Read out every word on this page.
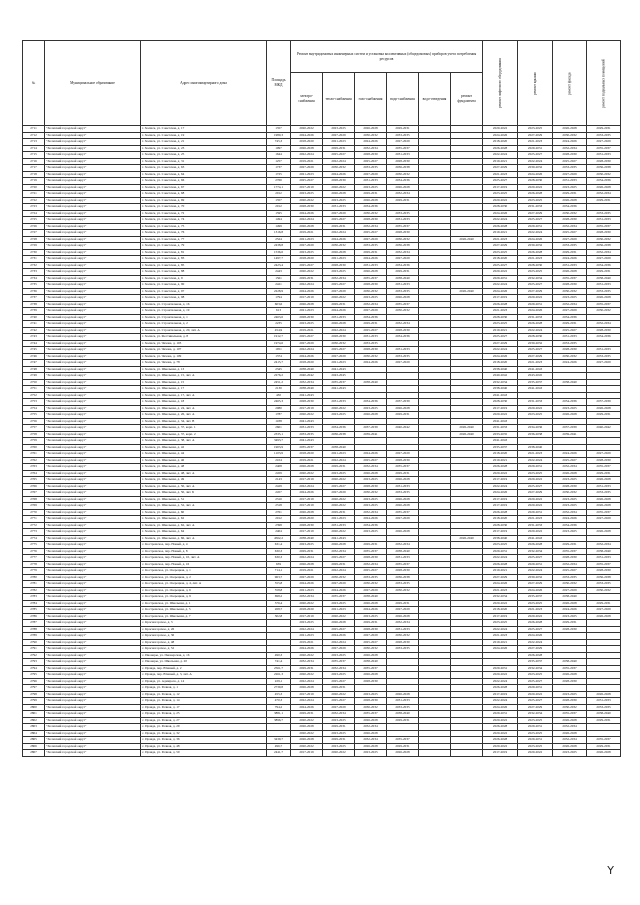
№	Муниципальное образование	Адрес многоквартирного дома	Площадь МКД	Ремонт внутридомовых инженерных систем и установка коллективных (общедомовых) приборов учета потребления ресурсов						ремонт лифтового оборудования	ремонт крыши	ремонт фасада	ремонт подвальных помещений
				электро-снабжения	тепло-снабжения	газо-снабжения	водо-снабжения	водо-отведения	ремонт фундамента				
2711	"Холмский городской округ"	г. Холмск, ул. Советская, д. 17	1357	2020-2022	2023-2025	2026-2028	2029-2031			2020-2022	2023-2025	2026-2028	2029-2031
2712	"Холмский городской округ"	г. Холмск, ул. Советская, д. 19	1980,3	2024-2026	2027-2029	2030-2032	2033-2035			2024-2026	2027-2029	2030-2032	2033-2035
2713	"Холмский городской округ"	г. Холмск, ул. Советская, д. 21	745,3	2018-2020	2021-2023	2024-2026	2027-2029			2018-2020	2021-2023	2024-2026	2027-2029
2714	"Холмский городской округ"	г. Холмск, ул. Советская, д. 23	1097	2026-2028	2029-2031	2032-2034	2035-2037			2026-2028	2029-2031	2032-2034	2035-2037
2715	"Холмский городской округ"	г. Холмск, ул. Советская, д. 25	1644	2022-2024	2025-2027	2028-2030	2031-2033			2022-2024	2025-2027	2028-2030	2031-2033
2716	"Холмский городской округ"	г. Холмск, ул. Советская, д. 31	1257	2019-2021	2022-2024	2025-2027	2028-2030			2019-2021	2022-2024	2025-2027	2028-2030
2717	"Холмский городской округ"	г. Холмск, ул. Советская, д. 63	1737	2027-2029	2030-2032	2033-2035	2036-2038			2027-2029	2030-2032	2033-2035	2036-2038
2718	"Холмский городской округ"	г. Холмск, ул. Советская, д. 64	1725	2021-2023	2024-2026	2027-2029	2030-2032			2021-2023	2024-2026	2027-2029	2030-2032
2719	"Холмский городской округ"	г. Холмск, ул. Советская, д. 66	2766	2025-2027	2028-2030	2031-2033	2034-2036			2025-2027	2028-2030	2031-2033	2034-2036
2720	"Холмский городской округ"	г. Холмск, ул. Советская, д. 67	1774,1	2017-2019	2020-2022	2023-2025	2026-2028			2017-2019	2020-2022	2023-2025	2026-2028
2721	"Холмский городской округ"	г. Холмск, ул. Советская, д. 68	2012	2023-2025	2026-2028	2029-2031	2032-2034			2023-2025	2026-2028	2029-2031	2032-2034
2722	"Холмский городской округ"	г. Холмск, ул. Советская, д. 69	1357	2020-2022	2023-2025	2026-2028	2029-2031			2020-2022	2023-2025	2026-2028	2029-2031
2723	"Холмский городской округ"	г. Холмск, ул. Советская, д. 70	2012	2028-2030	2031-2033	2034-2036				2028-2030	2031-2033	2034-2036	
2724	"Холмский городской округ"	г. Холмск, ул. Советская, д. 72	1595	2024-2026	2027-2029	2030-2032	2033-2035			2024-2026	2027-2029	2030-2032	2033-2035
2725	"Холмский городской округ"	г. Холмск, ул. Советская, д. 74	1494	2022-2024	2025-2027	2028-2030	2031-2033			2022-2024	2025-2027	2028-2030	2031-2033
2726	"Холмский городской округ"	г. Холмск, ул. Советская, д. 75	1499	2026-2028	2029-2031	2032-2034	2035-2037			2026-2028	2029-2031	2032-2034	2035-2037
2727	"Холмский городской округ"	г. Холмск, ул. Советская, д. 76	1316,8	2019-2021	2022-2024	2025-2027	2028-2030			2019-2021	2022-2024	2025-2027	2028-2030
2728	"Холмский городской округ"	г. Холмск, ул. Советская, д. 77	2524	2021-2023	2024-2026	2027-2029	2030-2032		2026-2040	2021-2023	2024-2026	2027-2029	2030-2032
2729	"Холмский городской округ"	г. Холмск, ул. Советская, д. 79	2438,8	2027-2029	2030-2032	2033-2035	2036-2038			2027-2029	2030-2032	2033-2035	2036-2038
2730	"Холмский городской округ"	г. Холмск, ул. Советская, д. 81	1536,6	2023-2025	2026-2028	2029-2031	2032-2034			2023-2025	2026-2028	2029-2031	2032-2034
2731	"Холмский городской округ"	г. Холмск, ул. Советская, д. 83	1497,7	2018-2020	2021-2023	2024-2026	2027-2029			2018-2020	2021-2023	2024-2026	2027-2029
2732	"Холмский городской округ"	г. Холмск, ул. Советская, д. 85	2423,4	2025-2027	2028-2030	2031-2033	2034-2036			2025-2027	2028-2030	2031-2033	2034-2036
2733	"Холмский городской округ"	г. Холмск, ул. Советская, д. 88	2443	2020-2022	2023-2025	2026-2028	2029-2031			2020-2022	2023-2025	2026-2028	2029-2031
2734	"Холмский городской округ"	г. Холмск, ул. Советская, д. 9	1561	2029-2031	2032-2034	2035-2037	2038-2040			2029-2031	2032-2034	2035-2037	2038-2040
2735	"Холмский городской округ"	г. Холмск, ул. Советская, д. 90	2421	2022-2024	2025-2027	2028-2030	2031-2033			2022-2024	2025-2027	2028-2030	2031-2033
2736	"Холмский городской округ"	г. Холмск, ул. Советская, д. 97	2228,9	2024-2026	2027-2029	2030-2032	2033-2035		2026-2040	2024-2026	2027-2029	2030-2032	2033-2035
2737	"Холмский городской округ"	г. Холмск, ул. Советская, д. 98	1794	2017-2019	2020-2022	2023-2025	2026-2028			2017-2019	2020-2022	2023-2025	2026-2028
2738	"Холмский городской округ"	г. Холмск, ул. Строительная, д. 16	603,6	2026-2028	2029-2031	2032-2034	2035-2037			2026-2028	2029-2031	2032-2034	2035-2037
2739	"Холмский городской округ"	г. Холмск, ул. Строительная, д. 19	613	2021-2023	2024-2026	2027-2029	2030-2032			2021-2023	2024-2026	2027-2029	2030-2032
2740	"Холмский городской округ"	г. Холмск, ул. Строительная, д. 1	2463,6	2028-2030	2031-2033	2034-2036				2028-2030	2031-2033	2034-2036	
2741	"Холмский городской округ"	г. Холмск, ул. Строительная, д. 2	2235	2023-2025	2026-2028	2029-2031	2032-2034			2023-2025	2026-2028	2029-2031	2032-2034
2742	"Холмский городской округ"	г. Холмск, ул. Строительная, д. 20, лит. А	454,9	2019-2021	2022-2024	2025-2027	2028-2030			2019-2021	2022-2024	2025-2027	2028-2030
2743	"Холмский городской округ"	г. Холмск, ул. Фестивальная, д. 8	1912,7	2025-2027	2028-2030	2031-2033	2034-2036			2025-2027	2028-2030	2031-2033	2034-2036
2744	"Холмский городской округ"	г. Холмск, ул. Чехова, д. 103	1974,6	2027-2029	2030-2032	2033-2035				2027-2029	2030-2032	2033-2035	
2745	"Холмский городской округ"	г. Холмск, ул. Чехова, д. 107	1951	2022-2024	2025-2027	2028-2030	2031-2033			2022-2024	2025-2027	2028-2030	2031-2033
2746	"Холмский городской округ"	г. Холмск, ул. Чехова, д. 109	1374	2024-2026	2027-2029	2030-2032	2033-2035			2024-2026	2027-2029	2030-2032	2033-2035
2747	"Холмский городской округ"	г. Холмск, ул. Чехова, д. 78	2415,7	2018-2020	2021-2023	2024-2026	2027-2029			2018-2020	2021-2023	2024-2026	2027-2029
2748	"Холмский городской округ"	г. Холмск, ул. Школьная, д. 13	2345	2038-2040	2041-2043					2038-2040	2041-2043		
2749	"Холмский городской округ"	г. Холмск, ул. Школьная, д. 15, лит. А	2276,2	2040-2042	2043-2045					2040-2042	2043-2045		
2750	"Холмский городской округ"	г. Холмск, ул. Школьная, д. 15	2451,2	2032-2034	2035-2037	2038-2040				2032-2034	2035-2037	2038-2040	
2751	"Холмский городской округ"	г. Холмск, ул. Школьная, д. 17	2130	2038-2040	2041-2043					2038-2040	2041-2043		
2752	"Холмский городской округ"	г. Холмск, ул. Школьная, д. 17, лит. А	430	2041-2043						2041-2043			
2753	"Холмский городской округ"	г. Холмск, ул. Школьная, д. 18	2465,3	2028-2030	2031-2033	2034-2036	2037-2039			2028-2030	2031-2033	2034-2036	2037-2039
2754	"Холмский городской округ"	г. Холмск, ул. Школьная, д. 24, лит. А	2080	2017-2019	2020-2022	2023-2025	2026-2028			2017-2019	2020-2022	2023-2025	2026-2028
2755	"Холмский городской округ"	г. Холмск, ул. Школьная, д. 26, лит. А	1787	2020-2022	2023-2025	2026-2028	2029-2031			2020-2022	2023-2025	2026-2028	2029-2031
2756	"Холмский городской округ"	г. Холмск, ул. Школьная, д. 34, лит. В	1188	2041-2043						2041-2043			
2757	"Холмский городской округ"	г. Холмск, ул. Школьная, д. 37, корп. 1	2601	2031-2033	2034-2036	2037-2039	2040-2042		2026-2040	2031-2033	2034-2036	2037-2039	2040-2042
2758	"Холмский городской округ"	г. Холмск, ул. Школьная, д. 37, корп. 2	2335,1	2033-2035	2036-2038	2039-2041			2026-2040	2033-2035	2036-2038	2039-2041	
2759	"Холмский городской округ"	г. Холмск, ул. Школьная, д. 38, лит. А	3493,7	2041-2043						2041-2043			
2760	"Холмский городской округ"	г. Холмск, ул. Школьная, д. 42	1903,9	2035-2037	2038-2040					2035-2037	2038-2040		
2761	"Холмский городской округ"	г. Холмск, ул. Школьная, д. 44	1103,9	2018-2020	2021-2023	2024-2026	2027-2029			2018-2020	2021-2023	2024-2026	2027-2029
2762	"Холмский городской округ"	г. Холмск, ул. Школьная, д. 46	2104	2019-2021	2022-2024	2025-2027	2028-2030			2019-2021	2022-2024	2025-2027	2028-2030
2763	"Холмский городской округ"	г. Холмск, ул. Школьная, д. 48	2408	2026-2028	2029-2031	2032-2034	2035-2037			2026-2028	2029-2031	2032-2034	2035-2037
2764	"Холмский городской округ"	г. Холмск, ул. Школьная, д. 48, лит. А	2459	2020-2022	2023-2025	2026-2028	2029-2031			2020-2022	2023-2025	2026-2028	2029-2031
2765	"Холмский городской округ"	г. Холмск, ул. Школьная, д. 49	2143	2017-2019	2020-2022	2023-2025	2026-2028			2017-2019	2020-2022	2023-2025	2026-2028
2766	"Холмский городской округ"	г. Холмск, ул. Школьная, д. 50, лит. А	2429	2022-2024	2025-2027	2028-2030	2031-2033			2022-2024	2025-2027	2028-2030	2031-2033
2767	"Холмский городской округ"	г. Холмск, ул. Школьная, д. 50, лит. Б	2457	2024-2026	2027-2029	2030-2032	2033-2035			2024-2026	2027-2029	2030-2032	2033-2035
2768	"Холмский городской округ"	г. Холмск, ул. Школьная, д. 51	2310	2017-2019	2020-2022	2023-2025	2026-2028			2017-2019	2020-2022	2023-2025	2026-2028
2769	"Холмский городской округ"	г. Холмск, ул. Школьная, д. 52, лит. А	2318	2017-2019	2020-2022	2023-2025	2026-2028			2017-2019	2020-2022	2023-2025	2026-2028
2770	"Холмский городской округ"	г. Холмск, ул. Школьная, д. 60	2761	2026-2028	2029-2031	2032-2034	2035-2037			2026-2028	2029-2031	2032-2034	2035-2037
2771	"Холмский городской округ"	г. Холмск, ул. Школьная, д. 62	2012	2018-2020	2021-2023	2024-2026	2027-2029			2018-2020	2021-2023	2024-2026	2027-2029
2772	"Холмский городской округ"	г. Холмск, ул. Школьная, д. 62, лит. А	2398	2028-2030	2031-2033	2034-2036				2028-2030	2031-2033	2034-2036	
2773	"Холмский городской округ"	г. Холмск, ул. Школьная, д. 64	2404	2017-2019	2020-2022	2023-2025	2026-2028			2017-2019	2020-2022	2023-2025	2026-2028
2774	"Холмский городской округ"	г. Холмск, ул. Школьная, д. 66, лит. А	4562,2	2038-2040	2041-2043				2026-2040	2038-2040	2041-2043		
2775	"Холмский городской округ"	с. Костромское, пер. Новый, д. 4	631,4	2023-2025	2026-2028	2029-2031	2032-2034			2023-2025	2026-2028	2029-2031	2032-2034
2776	"Холмский городской округ"	с. Костромское, пер. Новый, д. 8	630,3	2029-2031	2032-2034	2035-2037	2038-2040			2029-2031	2032-2034	2035-2037	2038-2040
2777	"Холмский городской округ"	с. Костромское, пер. Новый, д. 10, лит. А	630,3	2022-2024	2025-2027	2028-2030	2031-2033			2022-2024	2025-2027	2028-2030	2031-2033
2778	"Холмский городской округ"	с. Костромское, пер. Новый, д. 16	639	2026-2028	2029-2031	2032-2034	2035-2037			2026-2028	2029-2031	2032-2034	2035-2037
2779	"Холмский городской округ"	с. Костромское, ул. Озерецкая, д. 1	714,1	2019-2021	2022-2024	2025-2027	2028-2030			2019-2021	2022-2024	2025-2027	2028-2030
2780	"Холмский городской округ"	с. Костромское, ул. Озерецкая, д. 2	963,7	2027-2029	2030-2032	2033-2035	2036-2038			2027-2029	2030-2032	2033-2035	2036-2038
2781	"Холмский городской округ"	с. Костромское, ул. Озерецкая, д. 4, лит. А	555,8	2024-2026	2027-2029	2030-2032	2033-2035			2024-2026	2027-2029	2030-2032	2033-2035
2782	"Холмский городской округ"	с. Костромское, ул. Озерецкая, д. 6	558,8	2021-2023	2024-2026	2027-2029	2030-2032			2021-2023	2024-2026	2027-2029	2030-2032
2783	"Холмский городской округ"	с. Костромское, ул. Озерецкая, д. 9	698,2	2032-2034	2035-2037	2038-2040				2032-2034	2035-2037	2038-2040	
2784	"Холмский городской округ"	с. Костромское, ул. Школьная, д. 1	376,4	2020-2022	2023-2025	2026-2028	2029-2031			2020-2022	2023-2025	2026-2028	2029-2031
2785	"Холмский городской округ"	с. Костромское, ул. Школьная, д. 5	268,7	2018-2020	2021-2023	2024-2026	2027-2029			2018-2020	2021-2023	2024-2026	2027-2029
2786	"Холмский городской округ"	с. Костромское, ул. Школьная, д. 7	302,8	2017-2019	2020-2022	2023-2025	2026-2028			2017-2019	2020-2022	2023-2025	2026-2028
2787	"Холмский городской округ"	с. Красногорское, д. 3		2023-2025	2026-2028	2029-2031	2032-2034			2023-2025	2026-2028	2029-2031	
2788	"Холмский городской округ"	с. Красногорское, д. 26		2022-2024	2025-2027	2028-2030	2031-2033			2022-2024	2025-2027	2028-2030	
2789	"Холмский городской округ"	с. Красногорское, д. 36		2021-2023	2024-2026	2027-2029	2030-2032			2021-2023	2024-2026		
2790	"Холмский городской округ"	с. Красногорское, д. 48		2019-2021	2022-2024	2025-2027	2028-2030			2019-2021	2022-2024		
2791	"Холмский городской округ"	с. Красногорское, д. 52		2024-2026	2027-2029	2030-2032	2033-2035			2024-2026	2027-2029		
2792	"Холмский городской округ"	с. Пионеры, ул. Пионерская, д. 16	490,3	2020-2022	2023-2025	2026-2028					2026-2028		
2793	"Холмский городской округ"	с. Пионеры, ул. Школьная, д. 20	741,4	2032-2034	2035-2037	2038-2040					2035-2037	2038-2040	
2794	"Холмский городской округ"	с. Правда, пер. Южный, д. 2	2561,7	2029-2031	2032-2034	2035-2037				2029-2031	2032-2034	2035-2037	
2795	"Холмский городской округ"	с. Правда, пер. Южный, д. 3, лит. А	2261,3	2020-2022	2023-2025	2026-2028				2020-2022	2023-2025	2026-2028	
2796	"Холмский городской округ"	с. Правда, ул. Адмирала, д. 14	229,1	2022-2024	2025-2027	2028-2030				2022-2024	2025-2027	2028-2030	
2797	"Холмский городской округ"	с. Правда, ул. Речная, д. 1	2739,8	2026-2028	2029-2031					2026-2028	2029-2031		
2798	"Холмский городской округ"	с. Правда, ул. Речная, д. 12	455,3	2017-2019	2020-2022	2023-2025	2026-2028			2017-2019	2020-2022	2023-2025	2026-2028
2799	"Холмский городской округ"	с. Правда, ул. Речная, д. 14	470,3	2022-2024	2025-2027	2028-2030	2031-2033			2022-2024	2025-2027	2028-2030	2031-2033
2800	"Холмский городской округ"	с. Правда, ул. Речная, д. 17	794,2	2024-2026	2027-2029	2030-2032	2033-2035			2024-2026	2027-2029	2030-2032	2033-2035
2801	"Холмский городской округ"	с. Правда, ул. Речная, д. 25	3881,1	2029-2031	2032-2034	2035-2037	2038-2040			2029-2031	2032-2034	2035-2037	2038-2040
2802	"Холмский городской округ"	с. Правда, ул. Речная, д. 27	3896,7	2020-2022	2023-2025	2026-2028	2029-2031			2020-2022	2023-2025	2026-2028	2029-2031
2803	"Холмский городской округ"	с. Правда, ул. Речная, д. 29		2026-2028	2029-2031	2032-2034				2026-2028	2029-2031	2032-2034	
2804	"Холмский городской округ"	с. Правда, ул. Речная, д. 32		2020-2022	2023-2025	2026-2028				2020-2022	2023-2025	2026-2028	
2805	"Холмский городской округ"	с. Правда, ул. Речная, д. 36	3439,7	2026-2028	2029-2031	2032-2034	2035-2037			2026-2028	2029-2031	2032-2034	2035-2037
2806	"Холмский городской округ"	с. Правда, ул. Речная, д. 48	496,7	2020-2022	2023-2025	2026-2028	2029-2031			2020-2022	2023-2025	2026-2028	2029-2031
2807	"Холмский городской округ"	с. Правда, ул. Речная, д. 50	2441,7	2017-2019	2020-2022	2023-2025	2026-2028			2017-2019	2020-2022	2023-2025	2026-2028
Y
